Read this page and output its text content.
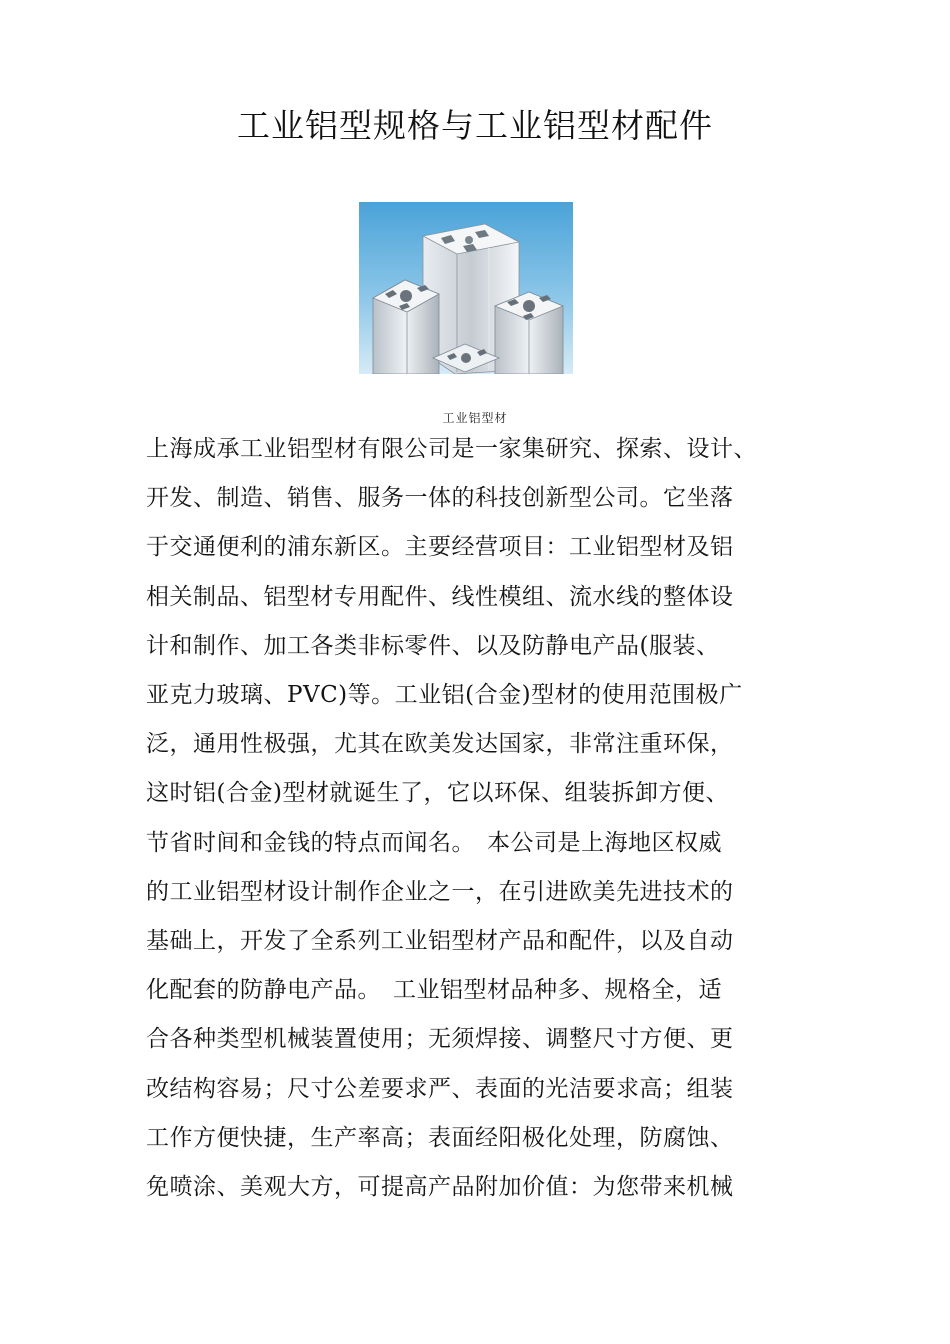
工业铝型规格与工业铝型材配件
工业铝型材
上海成承工业铝型材有限公司是一家集研究、探索、设计、
开发、制造、销售、服务一体的科技创新型公司。它坐落
于交通便利的浦东新区。主要经营项目：工业铝型材及铝
相关制品、铝型材专用配件、线性模组、流水线的整体设
计和制作、加工各类非标零件、以及防静电产品(服装、
亚克力玻璃、PVC)等。工业铝(合金)型材的使用范围极广
泛，通用性极强，尤其在欧美发达国家，非常注重环保，
这时铝(合金)型材就诞生了，它以环保、组装拆卸方便、
节省时间和金钱的特点而闻名。　本公司是上海地区权威
的工业铝型材设计制作企业之一，在引进欧美先进技术的
基础上，开发了全系列工业铝型材产品和配件，以及自动
化配套的防静电产品。　工业铝型材品种多、规格全，适
合各种类型机械装置使用；无须焊接、调整尺寸方便、更
改结构容易；尺寸公差要求严、表面的光洁要求高；组装
工作方便快捷，生产率高；表面经阳极化处理，防腐蚀、
免喷涂、美观大方，可提高产品附加价值：为您带来机械
